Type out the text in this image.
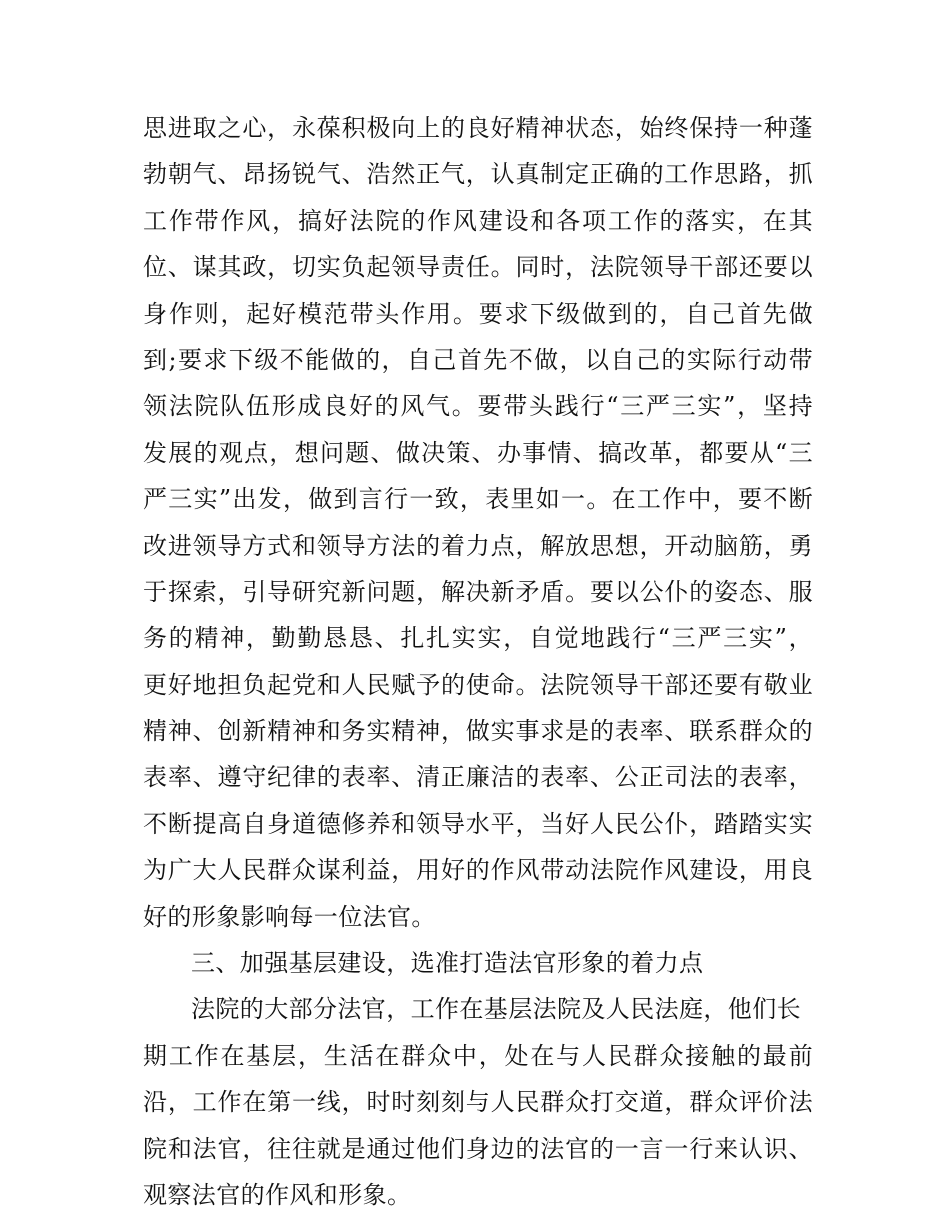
思进取之心，永葆积极向上的良好精神状态，始终保持一种蓬
勃朝气、昂扬锐气、浩然正气，认真制定正确的工作思路，抓
工作带作风，搞好法院的作风建设和各项工作的落实，在其
位、谋其政，切实负起领导责任。同时，法院领导干部还要以
身作则，起好模范带头作用。要求下级做到的，自己首先做
到;要求下级不能做的，自己首先不做，以自己的实际行动带
领法院队伍形成良好的风气。要带头践行“三严三实”，坚持
发展的观点，想问题、做决策、办事情、搞改革，都要从“三
严三实”出发，做到言行一致，表里如一。在工作中，要不断
改进领导方式和领导方法的着力点，解放思想，开动脑筋，勇
于探索，引导研究新问题，解决新矛盾。要以公仆的姿态、服
务的精神，勤勤恳恳、扎扎实实，自觉地践行“三严三实”，
更好地担负起党和人民赋予的使命。法院领导干部还要有敬业
精神、创新精神和务实精神，做实事求是的表率、联系群众的
表率、遵守纪律的表率、清正廉洁的表率、公正司法的表率，
不断提高自身道德修养和领导水平，当好人民公仆，踏踏实实
为广大人民群众谋利益，用好的作风带动法院作风建设，用良
好的形象影响每一位法官。
三、加强基层建设，选准打造法官形象的着力点
法院的大部分法官，工作在基层法院及人民法庭，他们长
期工作在基层，生活在群众中，处在与人民群众接触的最前
沿，工作在第一线，时时刻刻与人民群众打交道，群众评价法
院和法官，往往就是通过他们身边的法官的一言一行来认识、
观察法官的作风和形象。
